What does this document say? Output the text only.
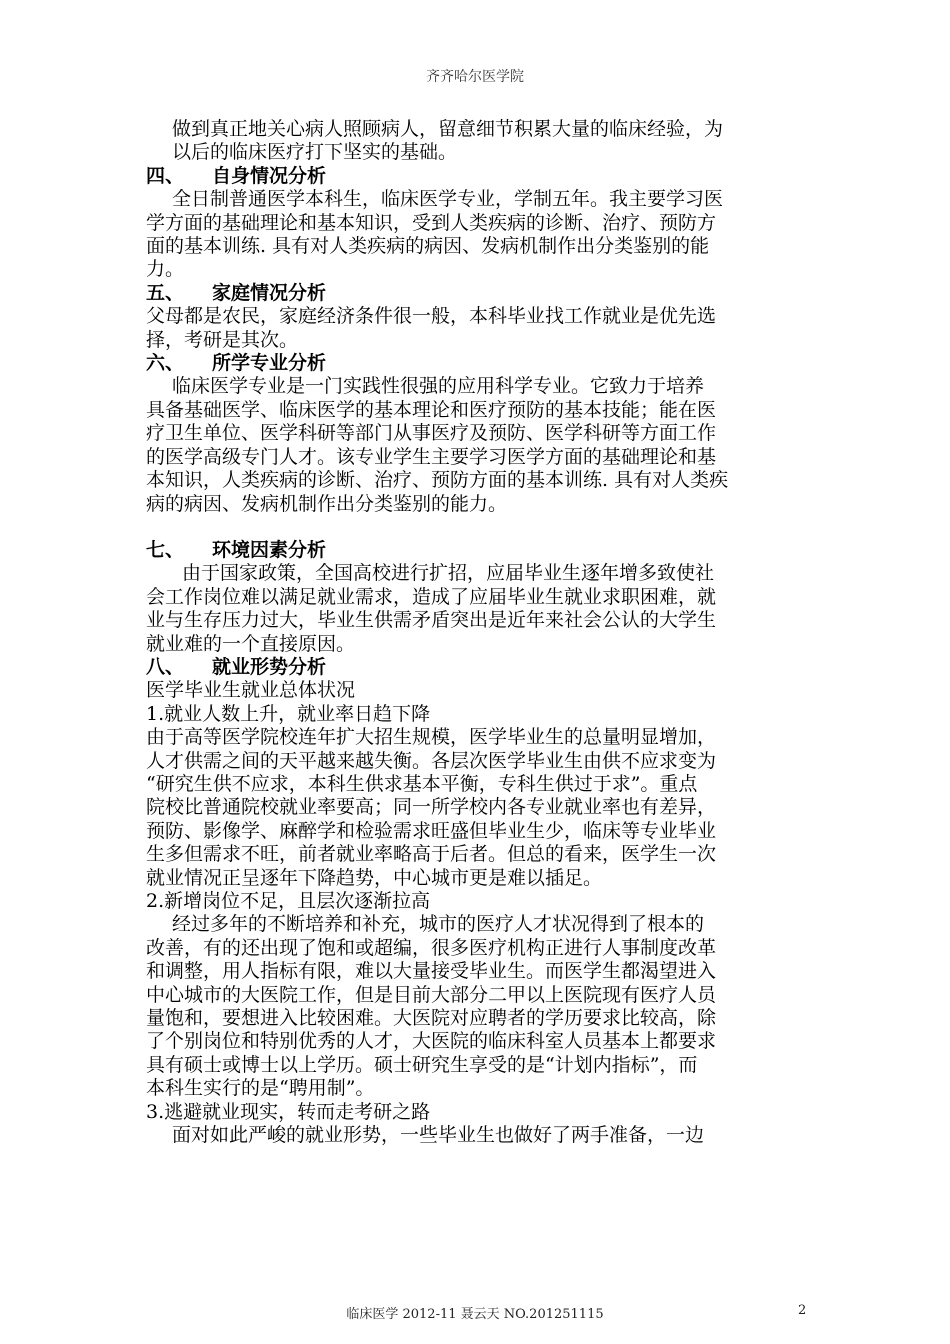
齐齐哈尔医学院

做到真正地关心病人照顾病人，留意细节积累大量的临床经验，为

以后的临床医疗打下坚实的基础。

四、 自身情况分析

全日制普通医学本科生，临床医学专业，学制五年。我主要学习医

学方面的基础理论和基本知识，受到人类疾病的诊断、治疗、预防方

面的基本训练. 具有对人类疾病的病因、发病机制作出分类鉴别的能

力。

五、 家庭情况分析

父母都是农民，家庭经济条件很一般，本科毕业找工作就业是优先选

择，考研是其次。

六、 所学专业分析

临床医学专业是一门实践性很强的应用科学专业。它致力于培养

具备基础医学、临床医学的基本理论和医疗预防的基本技能；能在医

疗卫生单位、医学科研等部门从事医疗及预防、医学科研等方面工作

的医学高级专门人才。该专业学生主要学习医学方面的基础理论和基

本知识，人类疾病的诊断、治疗、预防方面的基本训练. 具有对人类疾

病的病因、发病机制作出分类鉴别的能力。

七、 环境因素分析

由于国家政策，全国高校进行扩招，应届毕业生逐年增多致使社

会工作岗位难以满足就业需求，造成了应届毕业生就业求职困难，就

业与生存压力过大，毕业生供需矛盾突出是近年来社会公认的大学生

就业难的一个直接原因。

八、 就业形势分析

医学毕业生就业总体状况

1.就业人数上升，就业率日趋下降

由于高等医学院校连年扩大招生规模，医学毕业生的总量明显增加，

人才供需之间的天平越来越失衡。各层次医学毕业生由供不应求变为

“研究生供不应求，本科生供求基本平衡，专科生供过于求”。重点

院校比普通院校就业率要高；同一所学校内各专业就业率也有差异，

预防、影像学、麻醉学和检验需求旺盛但毕业生少，临床等专业毕业

生多但需求不旺，前者就业率略高于后者。但总的看来，医学生一次

就业情况正呈逐年下降趋势，中心城市更是难以插足。

2.新增岗位不足，且层次逐渐拉高

经过多年的不断培养和补充，城市的医疗人才状况得到了根本的

改善，有的还出现了饱和或超编，很多医疗机构正进行人事制度改革

和调整，用人指标有限，难以大量接受毕业生。而医学生都渴望进入

中心城市的大医院工作，但是目前大部分二甲以上医院现有医疗人员

量饱和，要想进入比较困难。大医院对应聘者的学历要求比较高，除

了个别岗位和特别优秀的人才，大医院的临床科室人员基本上都要求

具有硕士或博士以上学历。硕士研究生享受的是“计划内指标”，而

本科生实行的是“聘用制”。

3.逃避就业现实，转而走考研之路

面对如此严峻的就业形势，一些毕业生也做好了两手准备，一边

临床医学 2012-11 聂云天 NO.201251115	2
